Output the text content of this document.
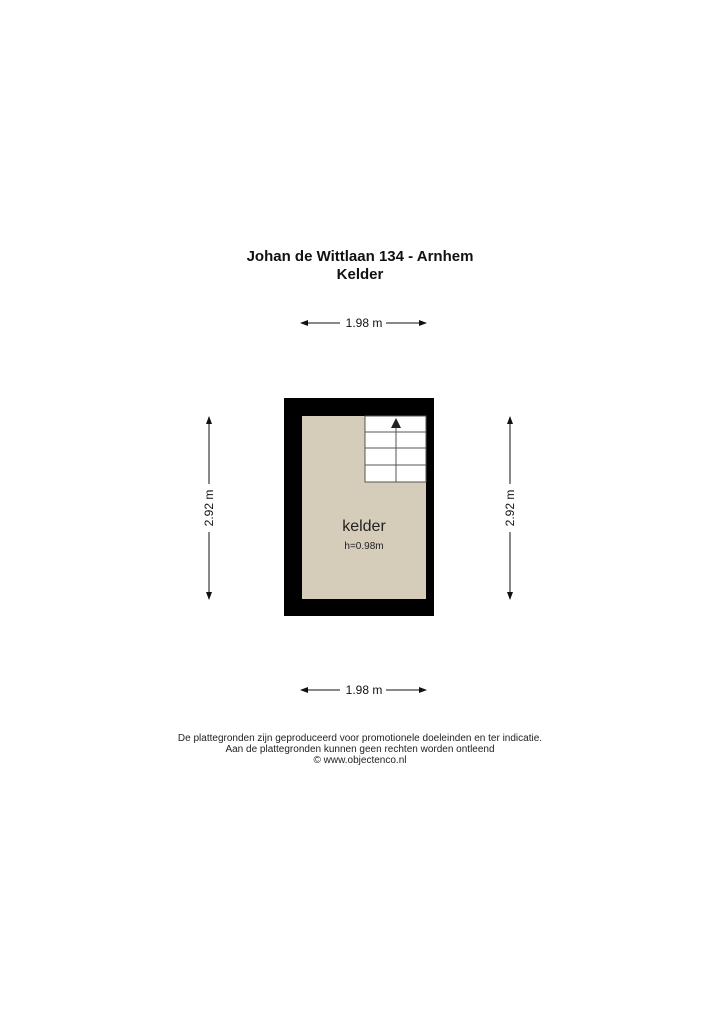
Johan de Wittlaan 134 - Arnhem
Kelder
1.98 m
1.98 m
2.92 m	2.92 m
kelder
h=0.98m
De plattegronden zijn geproduceerd voor promotionele doeleinden en ter indicatie.
Aan de plattegronden kunnen geen rechten worden ontleend
© www.objectenco.nl
